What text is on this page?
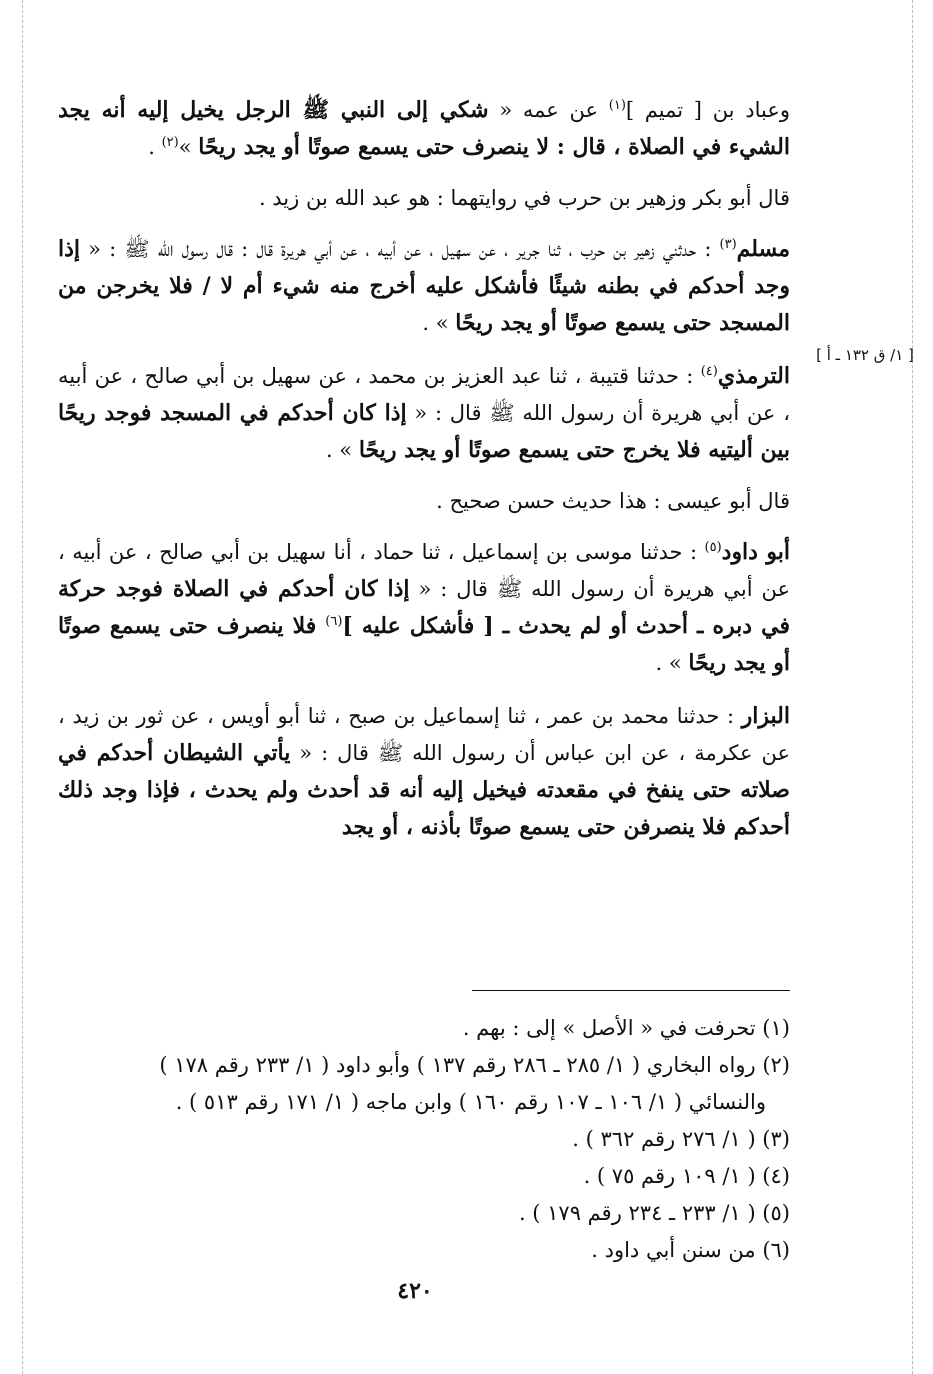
[ ١/ ق ١٣٢ ـ أ ]

وعباد بن [ تميم ]$^{(١)}$ عن عمه « شكي إلى النبي ﷺ الرجل يخيل إليه أنه يجد الشيء في الصلاة ، قال : لا ينصرف حتى يسمع صوتًا أو يجد ريحًا »$^{(٢)}$ .

قال أبو بكر وزهير بن حرب في روايتهما : هو عبد الله بن زيد .

مسلم$^{(٣)}$ : حدثني زهير بن حرب ، ثنا جرير ، عن سهيل ، عن أبيه ، عن أبي هريرة قال : قال رسول الله ﷺ : « إذا وجد أحدكم في بطنه شيئًا فأشكل عليه أخرج منه شيء أم لا / فلا يخرجن من المسجد حتى يسمع صوتًا أو يجد ريحًا » .

الترمذي$^{(٤)}$ : حدثنا قتيبة ، ثنا عبد العزيز بن محمد ، عن سهيل بن أبي صالح ، عن أبيه ، عن أبي هريرة أن رسول الله ﷺ قال : « إذا كان أحدكم في المسجد فوجد ريحًا بين أليتيه فلا يخرج حتى يسمع صوتًا أو يجد ريحًا » .

قال أبو عيسى : هذا حديث حسن صحيح .

أبو داود$^{(٥)}$ : حدثنا موسى بن إسماعيل ، ثنا حماد ، أنا سهيل بن أبي صالح ، عن أبيه ، عن أبي هريرة أن رسول الله ﷺ قال : « إذا كان أحدكم في الصلاة فوجد حركة في دبره ـ أحدث أو لم يحدث ـ [ فأشكل عليه ]$^{(٦)}$ فلا ينصرف حتى يسمع صوتًا أو يجد ريحًا » .

البزار : حدثنا محمد بن عمر ، ثنا إسماعيل بن صبح ، ثنا أبو أويس ، عن ثور بن زيد ، عن عكرمة ، عن ابن عباس أن رسول الله ﷺ قال : « يأتي الشيطان أحدكم في صلاته حتى ينفخ في مقعدته فيخيل إليه أنه قد أحدث ولم يحدث ، فإذا وجد ذلك أحدكم فلا ينصرفن حتى يسمع صوتًا بأذنه ، أو يجد

(١) تحرفت في « الأصل » إلى : بهم .

(٢) رواه البخاري ( ١/ ٢٨٥ ـ ٢٨٦ رقم ١٣٧ ) وأبو داود ( ١/ ٢٣٣ رقم ١٧٨ )

والنسائي ( ١/ ١٠٦ ـ ١٠٧ رقم ١٦٠ ) وابن ماجه ( ١/ ١٧١ رقم ٥١٣ ) .

(٣) ( ١/ ٢٧٦ رقم ٣٦٢ ) .

(٤) ( ١/ ١٠٩ رقم ٧٥ ) .

(٥) ( ١/ ٢٣٣ ـ ٢٣٤ رقم ١٧٩ ) .

(٦) من سنن أبي داود .

٤٢٠
